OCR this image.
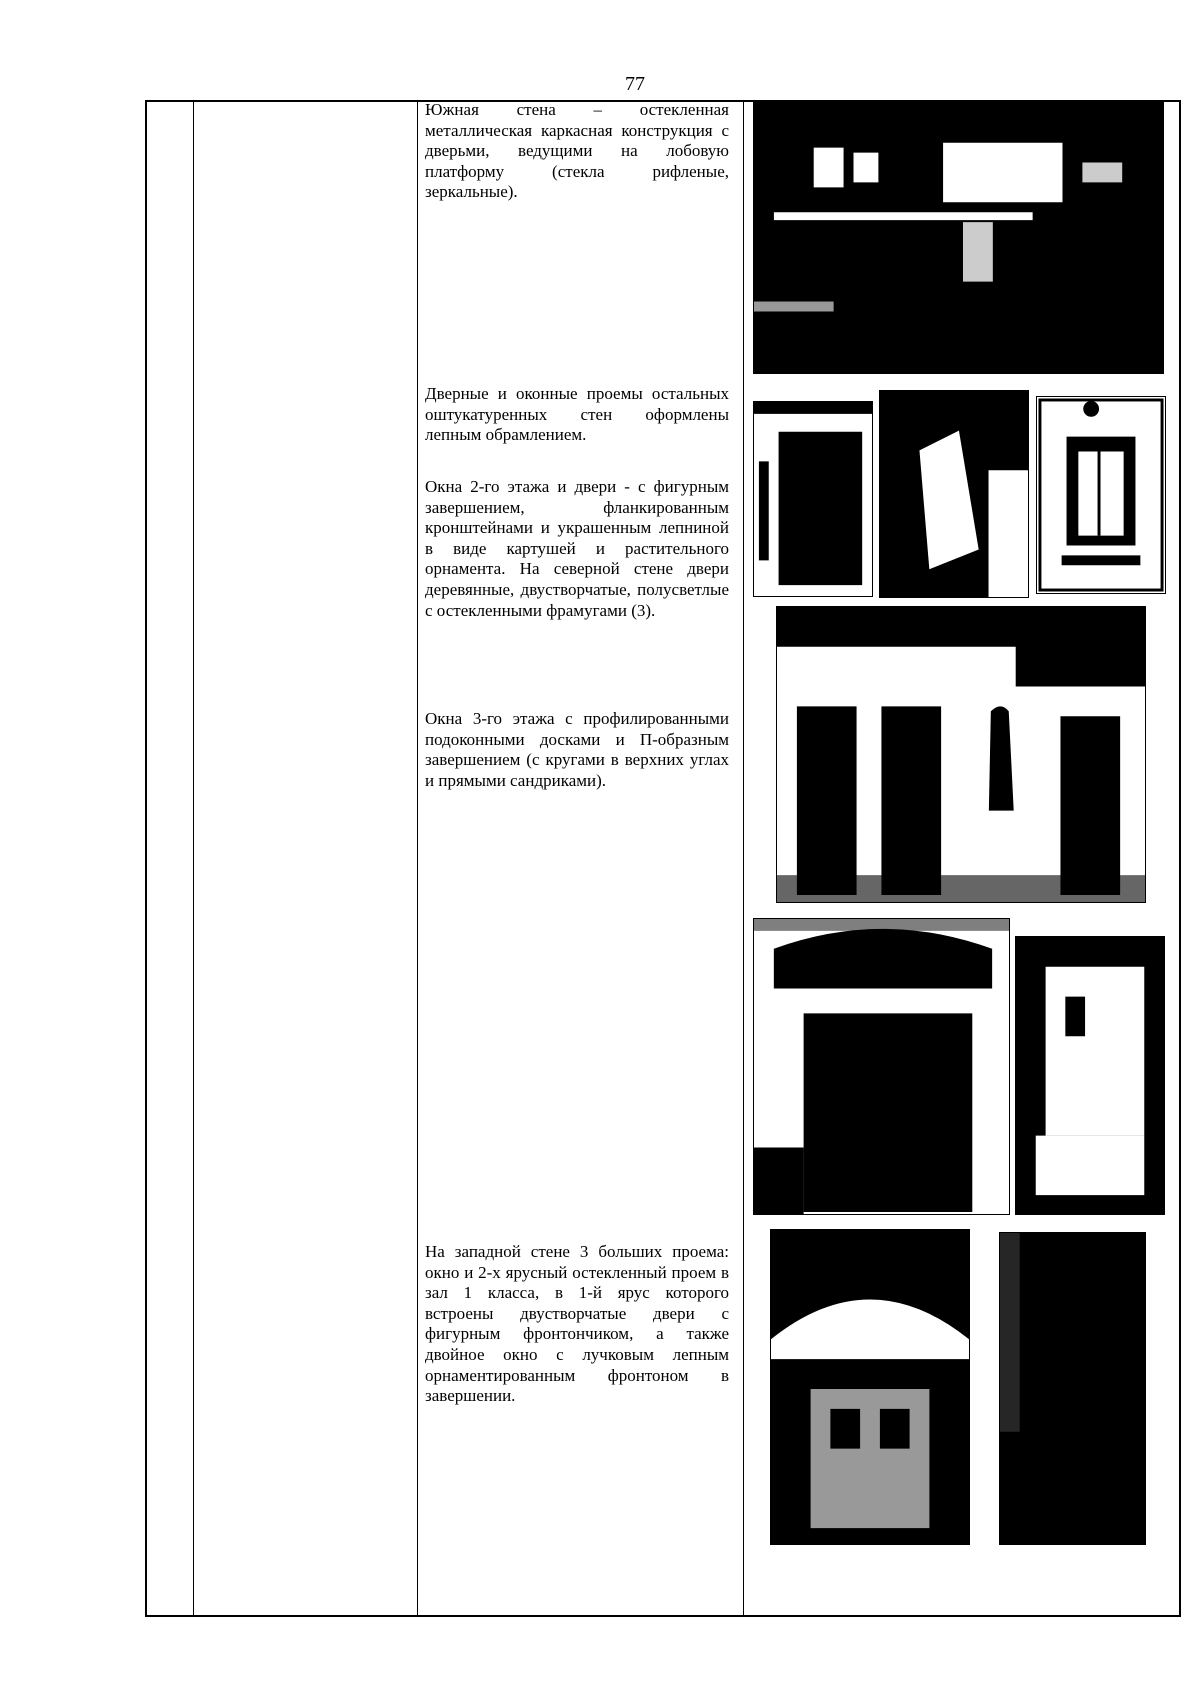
77

Южная стена – остекленная металлическая каркасная конструкция с дверьми, ведущими на лобовую платформу (стекла рифленые, зеркальные).

Дверные и оконные проемы остальных оштукатуренных стен оформлены лепным обрамлением.

Окна 2-го этажа и двери - с фигурным завершением, фланкированным кронштейнами и украшенным лепниной в виде картушей и растительного орнамента. На северной стене двери деревянные, двустворчатые, полусветлые с остекленными фрамугами (3).

Окна 3-го этажа с профилированными подоконными досками и П-образным завершением (с кругами в верхних углах и прямыми сандриками).

На западной стене 3 больших проема: окно и 2-х ярусный остекленный проем в зал 1 класса, в 1-й ярус которого встроены двустворчатые двери с фигурным фронтончиком, а также двойное окно с лучковым лепным орнаментированным фронтоном в завершении.
